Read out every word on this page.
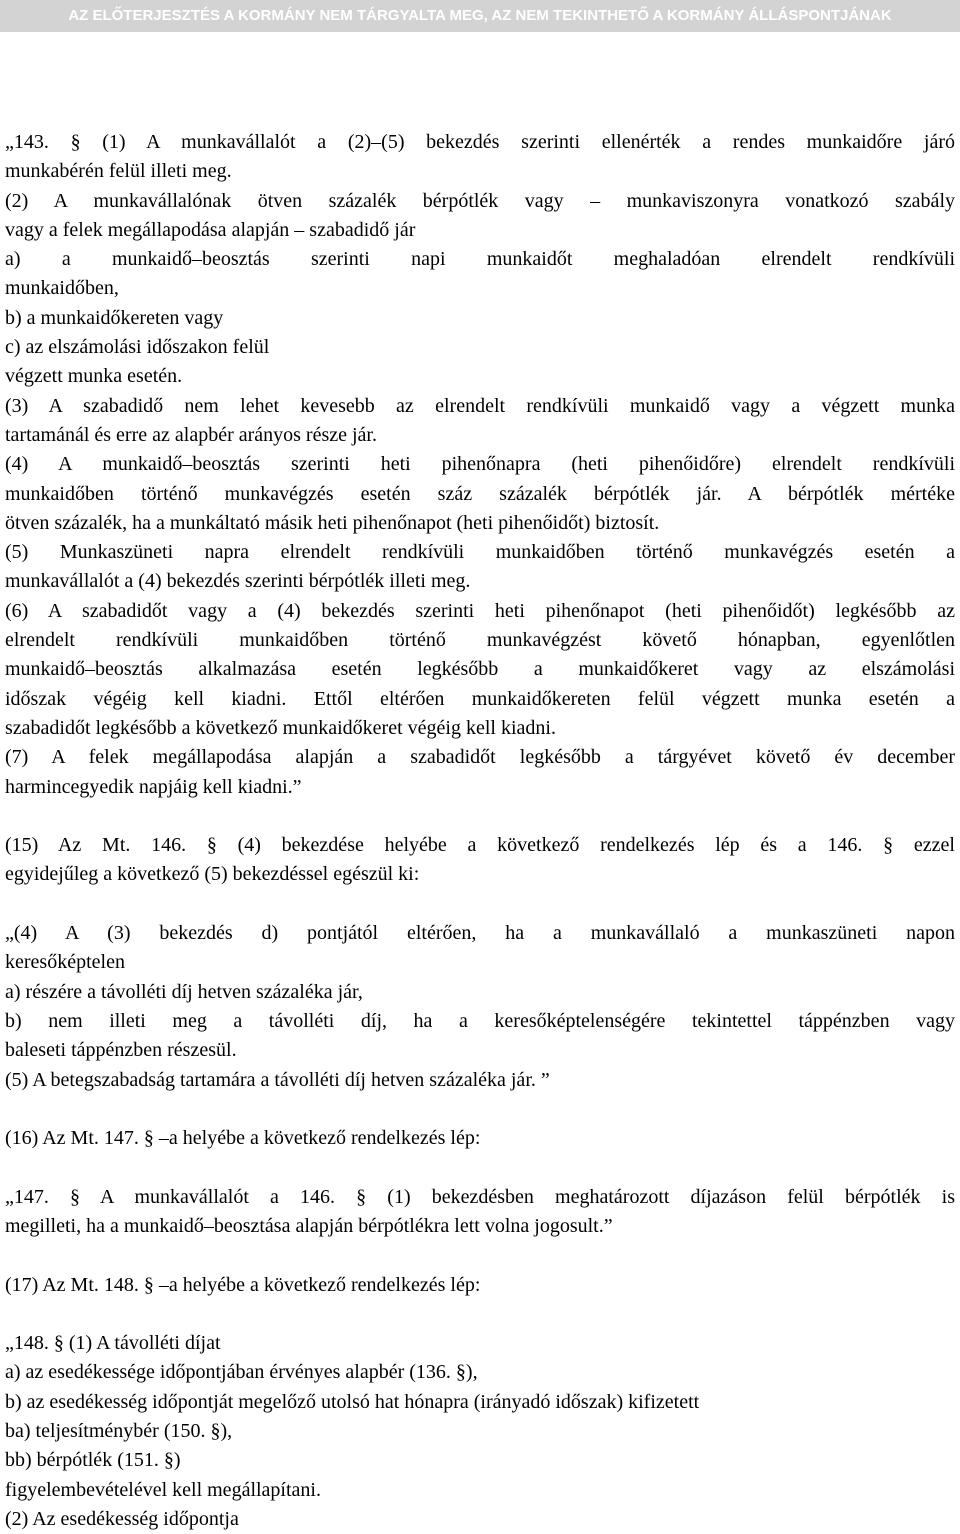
AZ ELŐTERJESZTÉS A KORMÁNY NEM TÁRGYALTA MEG, AZ NEM TEKINTHETŐ A KORMÁNY ÁLLÁSPONTJÁNAK
„143. § (1) A munkavállalót a (2)–(5) bekezdés szerinti ellenérték a rendes munkaidőre járó
munkabérén felül illeti meg.
(2) A munkavállalónak ötven százalék bérpótlék vagy – munkaviszonyra vonatkozó szabály
vagy a felek megállapodása alapján – szabadidő jár
a) a munkaidő–beosztás szerinti napi munkaidőt meghaladóan elrendelt rendkívüli
munkaidőben,
b) a munkaidőkereten vagy
c) az elszámolási időszakon felül
végzett munka esetén.
(3) A szabadidő nem lehet kevesebb az elrendelt rendkívüli munkaidő vagy a végzett munka
tartamánál és erre az alapbér arányos része jár.
(4) A munkaidő–beosztás szerinti heti pihenőnapra (heti pihenőidőre) elrendelt rendkívüli
munkaidőben történő munkavégzés esetén száz százalék bérpótlék jár. A bérpótlék mértéke
ötven százalék, ha a munkáltató másik heti pihenőnapot (heti pihenőidőt) biztosít.
(5) Munkaszüneti napra elrendelt rendkívüli munkaidőben történő munkavégzés esetén a
munkavállalót a (4) bekezdés szerinti bérpótlék illeti meg.
(6) A szabadidőt vagy a (4) bekezdés szerinti heti pihenőnapot (heti pihenőidőt) legkésőbb az
elrendelt rendkívüli munkaidőben történő munkavégzést követő hónapban, egyenlőtlen
munkaidő–beosztás alkalmazása esetén legkésőbb a munkaidőkeret vagy az elszámolási
időszak végéig kell kiadni. Ettől eltérően munkaidőkereten felül végzett munka esetén a
szabadidőt legkésőbb a következő munkaidőkeret végéig kell kiadni.
(7) A felek megállapodása alapján a szabadidőt legkésőbb a tárgyévet követő év december
harmincegyedik napjáig kell kiadni.”
(15) Az Mt. 146. § (4) bekezdése helyébe a következő rendelkezés lép és a 146. § ezzel
egyidejűleg a következő (5) bekezdéssel egészül ki:
„(4) A (3) bekezdés d) pontjától eltérően, ha a munkavállaló a munkaszüneti napon
keresőképtelen
a) részére a távolléti díj hetven százaléka jár,
b) nem illeti meg a távolléti díj, ha a keresőképtelenségére tekintettel táppénzben vagy
baleseti táppénzben részesül.
(5) A betegszabadság tartamára a távolléti díj hetven százaléka jár. ”
(16) Az Mt. 147. § –a helyébe a következő rendelkezés lép:
„147. § A munkavállalót a 146. § (1) bekezdésben meghatározott díjazáson felül bérpótlék is
megilleti, ha a munkaidő–beosztása alapján bérpótlékra lett volna jogosult.”
(17) Az Mt. 148. § –a helyébe a következő rendelkezés lép:
„148. § (1) A távolléti díjat
a) az esedékessége időpontjában érvényes alapbér (136. §),
b) az esedékesség időpontját megelőző utolsó hat hónapra (irányadó időszak) kifizetett
ba) teljesítménybér (150. §),
bb) bérpótlék (151. §)
figyelembevételével kell megállapítani.
(2) Az esedékesség időpontja
